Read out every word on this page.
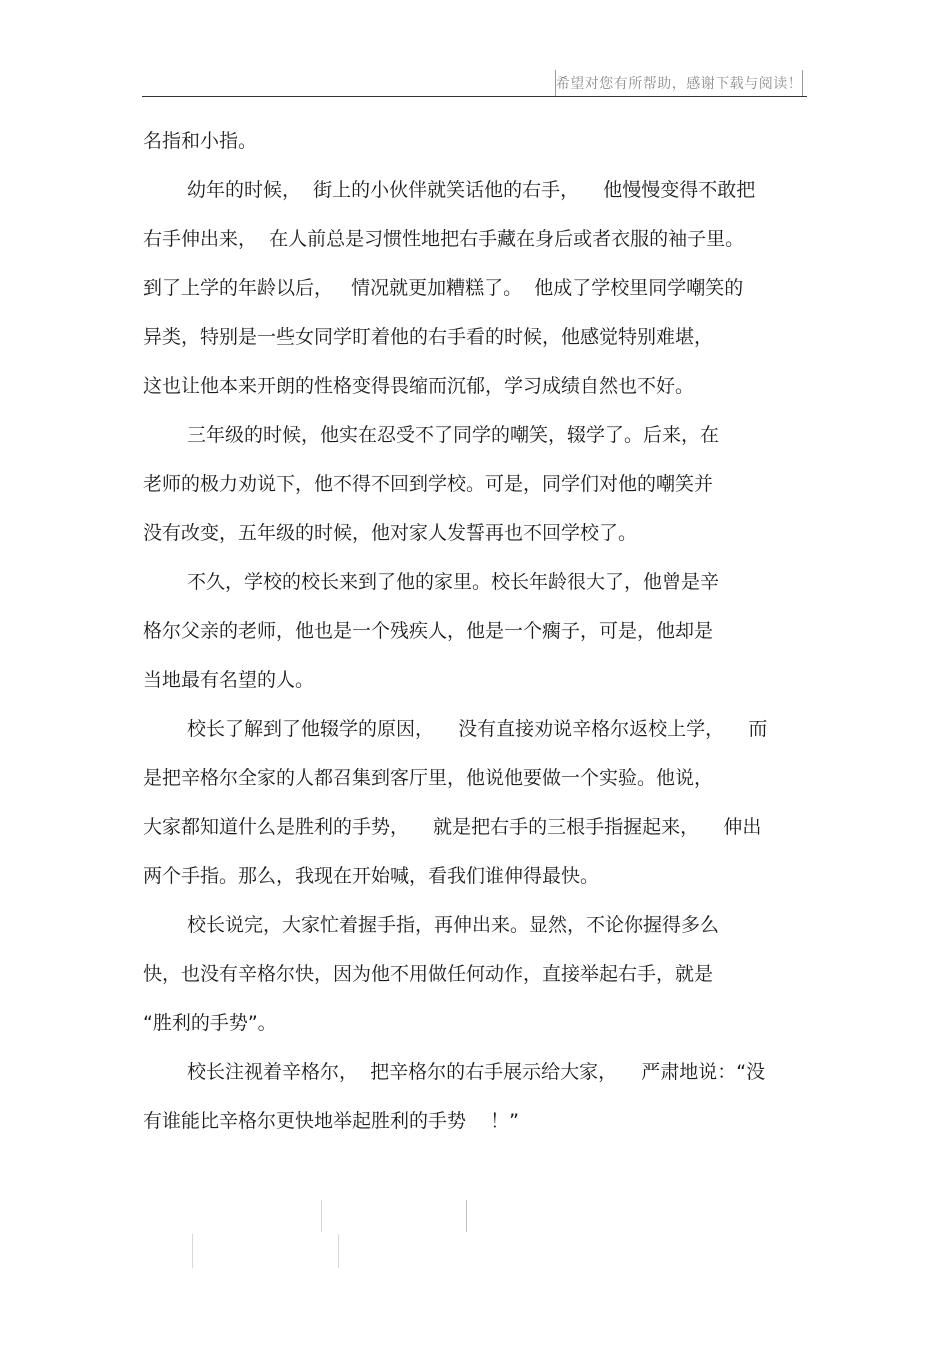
希望对您有所帮助，感谢下载与阅读！
名指和小指。
幼年的时候，  街上的小伙伴就笑话他的右手，    他慢慢变得不敢把
右手伸出来，  在人前总是习惯性地把右手藏在身后或者衣服的袖子里。
到了上学的年龄以后，   情况就更加糟糕了。  他成了学校里同学嘲笑的
异类，特别是一些女同学盯着他的右手看的时候，他感觉特别难堪，
这也让他本来开朗的性格变得畏缩而沉郁，学习成绩自然也不好。
三年级的时候，他实在忍受不了同学的嘲笑，辍学了。后来，在
老师的极力劝说下，他不得不回到学校。可是，同学们对他的嘲笑并
没有改变，五年级的时候，他对家人发誓再也不回学校了。
不久，学校的校长来到了他的家里。校长年龄很大了，他曾是辛
格尔父亲的老师，他也是一个残疾人，他是一个瘸子，可是，他却是
当地最有名望的人。
校长了解到了他辍学的原因，    没有直接劝说辛格尔返校上学，    而
是把辛格尔全家的人都召集到客厅里，他说他要做一个实验。他说，
大家都知道什么是胜利的手势，    就是把右手的三根手指握起来，    伸出
两个手指。那么，我现在开始喊，看我们谁伸得最快。
校长说完，大家忙着握手指，再伸出来。显然，不论你握得多么
快，也没有辛格尔快，因为他不用做任何动作，直接举起右手，就是
“胜利的手势”。
校长注视着辛格尔，  把辛格尔的右手展示给大家，    严肃地说：“没
有谁能比辛格尔更快地举起胜利的手势    ！”
